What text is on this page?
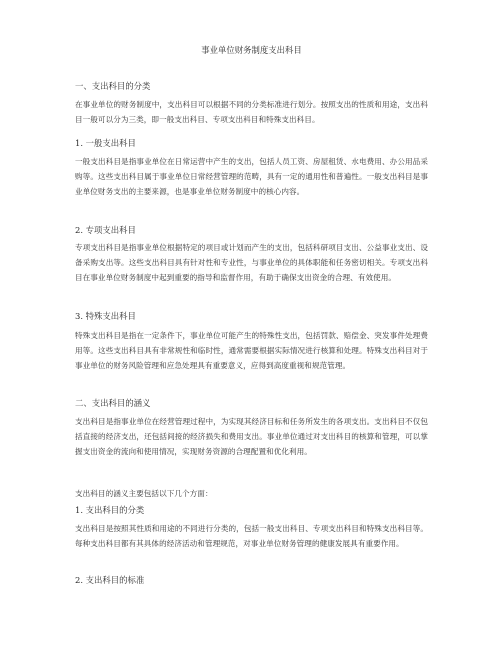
事业单位财务制度支出科目
一、支出科目的分类
在事业单位的财务制度中，支出科目可以根据不同的分类标准进行划分。按照支出的性质和用途，支出科目一般可以分为三类，即一般支出科目、专项支出科目和特殊支出科目。
1. 一般支出科目
一般支出科目是指事业单位在日常运营中产生的支出，包括人员工资、房屋租赁、水电费用、办公用品采购等。这些支出科目属于事业单位日常经营管理的范畴，具有一定的通用性和普遍性。一般支出科目是事业单位财务支出的主要来源，也是事业单位财务制度中的核心内容。
2. 专项支出科目
专项支出科目是指事业单位根据特定的项目或计划而产生的支出，包括科研项目支出、公益事业支出、设备采购支出等。这些支出科目具有针对性和专业性，与事业单位的具体职能和任务密切相关。专项支出科目在事业单位财务制度中起到重要的指导和监督作用，有助于确保支出资金的合理、有效使用。
3. 特殊支出科目
特殊支出科目是指在一定条件下，事业单位可能产生的特殊性支出，包括罚款、赔偿金、突发事件处理费用等。这些支出科目具有非常规性和临时性，通常需要根据实际情况进行核算和处理。特殊支出科目对于事业单位的财务风险管理和应急处理具有重要意义，应得到高度重视和规范管理。
二、支出科目的涵义
支出科目是指事业单位在经营管理过程中，为实现其经济目标和任务所发生的各项支出。支出科目不仅包括直接的经济支出，还包括间接的经济损失和费用支出。事业单位通过对支出科目的核算和管理，可以掌握支出资金的流向和使用情况，实现财务资源的合理配置和优化利用。
支出科目的涵义主要包括以下几个方面：
1. 支出科目的分类
支出科目是按照其性质和用途的不同进行分类的，包括一般支出科目、专项支出科目和特殊支出科目等。每种支出科目都有其具体的经济活动和管理规范，对事业单位财务管理的健康发展具有重要作用。
2. 支出科目的标准
